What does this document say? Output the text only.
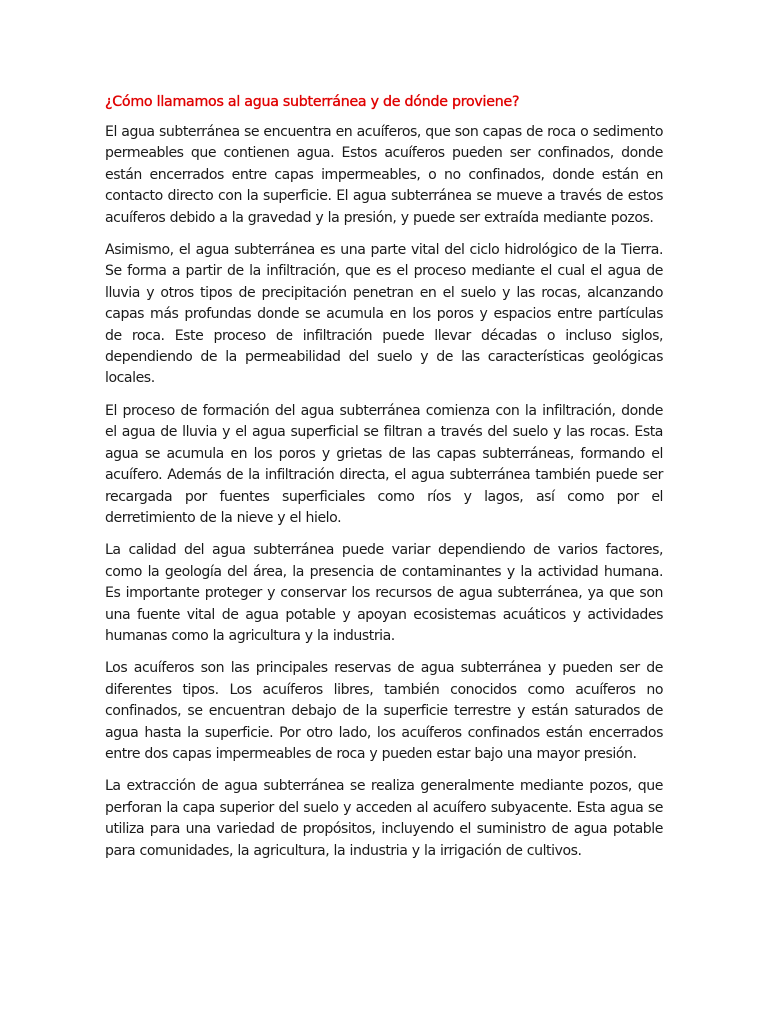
¿Cómo llamamos al agua subterránea y de dónde proviene?

El agua subterránea se encuentra en acuíferos, que son capas de roca o sedimento permeables que contienen agua. Estos acuíferos pueden ser confinados, donde están encerrados entre capas impermeables, o no confinados, donde están en contacto directo con la superficie. El agua subterránea se mueve a través de estos acuíferos debido a la gravedad y la presión, y puede ser extraída mediante pozos.

Asimismo, el agua subterránea es una parte vital del ciclo hidrológico de la Tierra. Se forma a partir de la infiltración, que es el proceso mediante el cual el agua de lluvia y otros tipos de precipitación penetran en el suelo y las rocas, alcanzando capas más profundas donde se acumula en los poros y espacios entre partículas de roca. Este proceso de infiltración puede llevar décadas o incluso siglos, dependiendo de la permeabilidad del suelo y de las características geológicas locales.

El proceso de formación del agua subterránea comienza con la infiltración, donde el agua de lluvia y el agua superficial se filtran a través del suelo y las rocas. Esta agua se acumula en los poros y grietas de las capas subterráneas, formando el acuífero. Además de la infiltración directa, el agua subterránea también puede ser recargada por fuentes superficiales como ríos y lagos, así como por el derretimiento de la nieve y el hielo.

La calidad del agua subterránea puede variar dependiendo de varios factores, como la geología del área, la presencia de contaminantes y la actividad humana. Es importante proteger y conservar los recursos de agua subterránea, ya que son una fuente vital de agua potable y apoyan ecosistemas acuáticos y actividades humanas como la agricultura y la industria.

Los acuíferos son las principales reservas de agua subterránea y pueden ser de diferentes tipos. Los acuíferos libres, también conocidos como acuíferos no confinados, se encuentran debajo de la superficie terrestre y están saturados de agua hasta la superficie. Por otro lado, los acuíferos confinados están encerrados entre dos capas impermeables de roca y pueden estar bajo una mayor presión.

La extracción de agua subterránea se realiza generalmente mediante pozos, que perforan la capa superior del suelo y acceden al acuífero subyacente. Esta agua se utiliza para una variedad de propósitos, incluyendo el suministro de agua potable para comunidades, la agricultura, la industria y la irrigación de cultivos.
